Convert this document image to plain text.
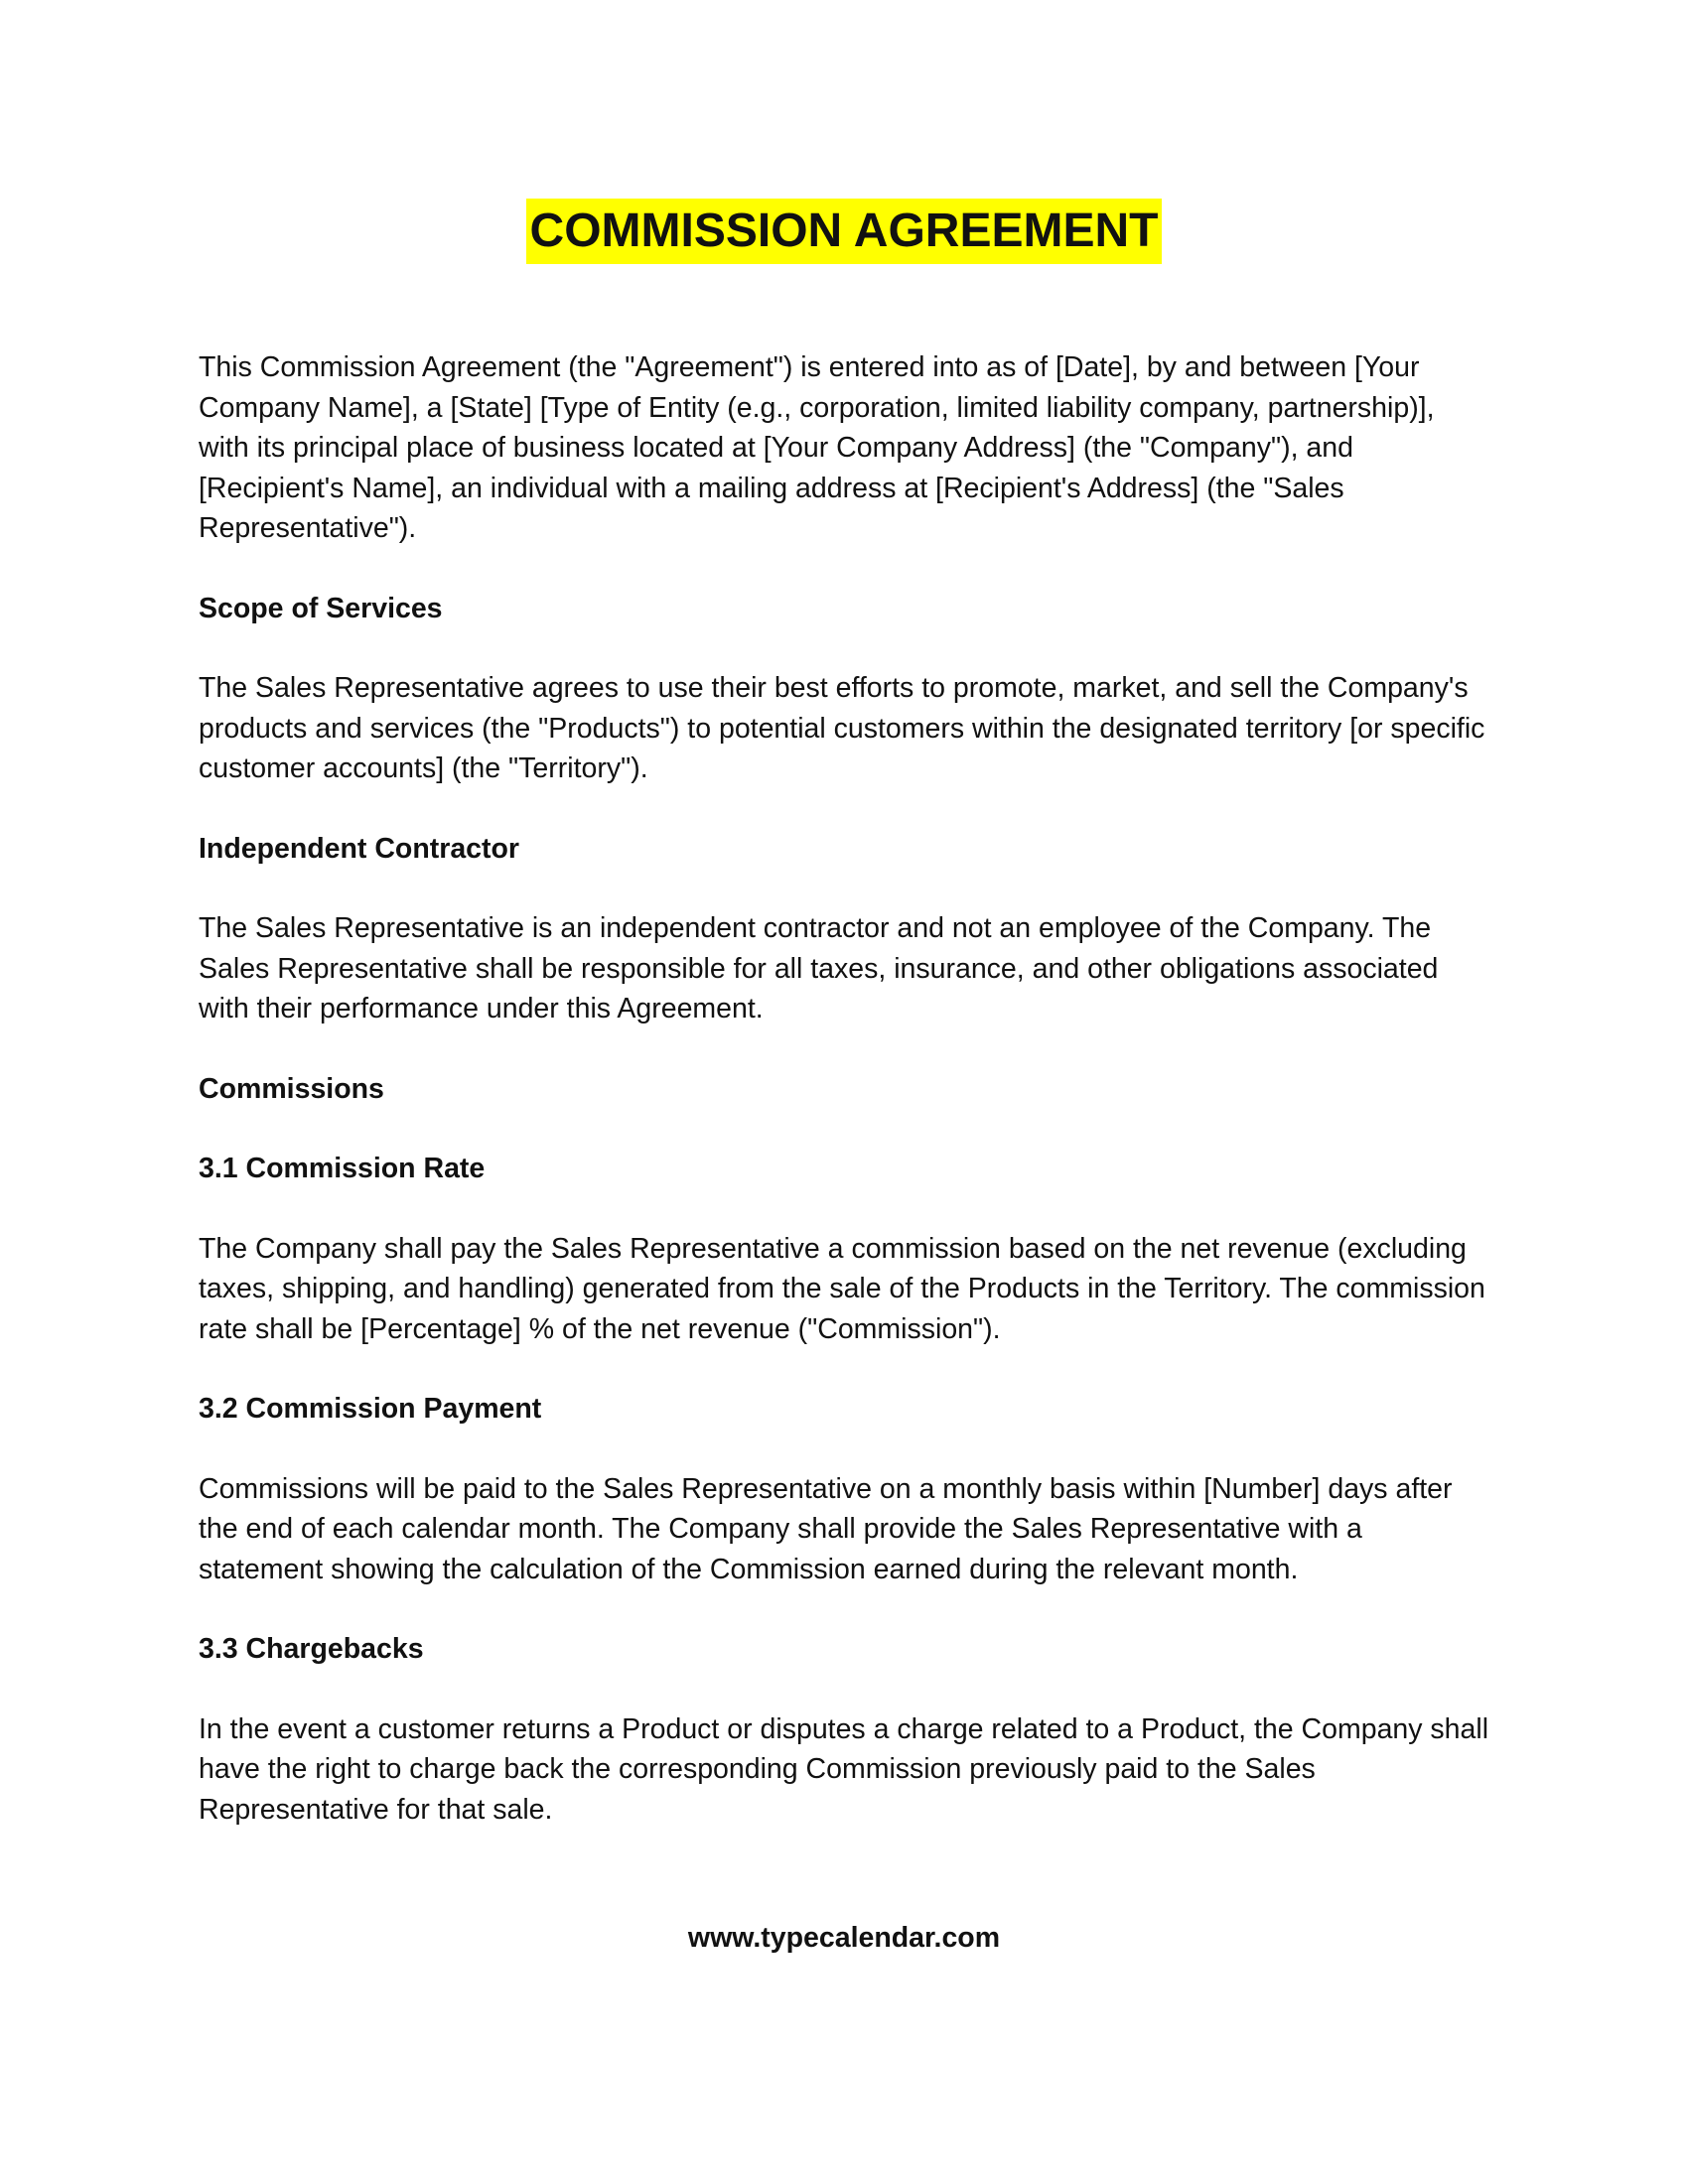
COMMISSION AGREEMENT

This Commission Agreement (the "Agreement") is entered into as of [Date], by and between [Your Company Name], a [State] [Type of Entity (e.g., corporation, limited liability company, partnership)], with its principal place of business located at [Your Company Address] (the "Company"), and [Recipient's Name], an individual with a mailing address at [Recipient's Address] (the "Sales Representative").

Scope of Services

The Sales Representative agrees to use their best efforts to promote, market, and sell the Company's products and services (the "Products") to potential customers within the designated territory [or specific customer accounts] (the "Territory").

Independent Contractor

The Sales Representative is an independent contractor and not an employee of the Company. The Sales Representative shall be responsible for all taxes, insurance, and other obligations associated with their performance under this Agreement.

Commissions

3.1 Commission Rate

The Company shall pay the Sales Representative a commission based on the net revenue (excluding taxes, shipping, and handling) generated from the sale of the Products in the Territory. The commission rate shall be [Percentage] % of the net revenue ("Commission").

3.2 Commission Payment

Commissions will be paid to the Sales Representative on a monthly basis within [Number] days after the end of each calendar month. The Company shall provide the Sales Representative with a statement showing the calculation of the Commission earned during the relevant month.

3.3 Chargebacks

In the event a customer returns a Product or disputes a charge related to a Product, the Company shall have the right to charge back the corresponding Commission previously paid to the Sales Representative for that sale.

www.typecalendar.com
